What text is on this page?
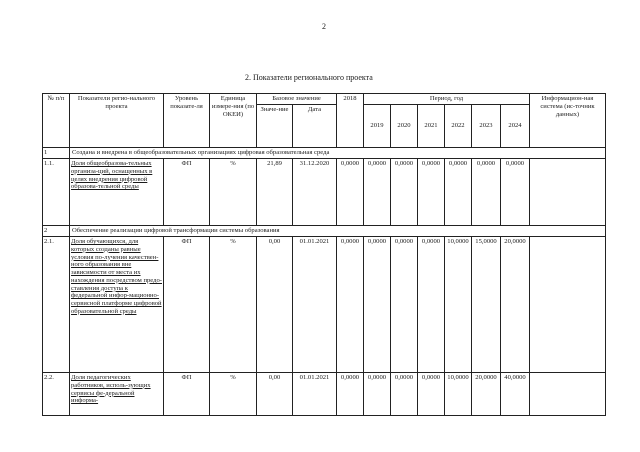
2
2. Показатели регионального проекта
№ п/п	Показатели регио-нального проекта	Уровень показате-ля	Единица измере-ния (по ОКЕИ)	Базовое значение		2018	Период, год						Информацион-ная система (ис-точник данных)
				Значе-ние	Дата		2019	2020	2021	2022	2023	2024	
1	Создана и внедрена в общеобразовательных организациях цифровая образовательная среда												
1.1.	Доля общеобразова-тельных организа-ций, оснащенных в целях внедрения цифровой образова-тельной среды	ФП	%	21,89	31.12.2020	0,0000	0,0000	0,0000	0,0000	0,0000	0,0000	0,0000	
2	Обеспечение реализации цифровой трансформации системы образования												
2.1.	Доля обучающихся, для которых созданы равные условия по-лучения качествен-ного образования вне зависимости от места их нахождения посредством предо-ставления доступа к федеральной инфор-мационно-сервисной платформе цифровой образовательной среды	ФП	%	0,00	01.01.2021	0,0000	0,0000	0,0000	0,0000	10,0000	15,0000	20,0000	
2.2.	Доля педагогических работников, исполь-зующих сервисы фе-деральной информа-	ФП	%	0,00	01.01.2021	0,0000	0,0000	0,0000	0,0000	10,0000	20,0000	40,0000	
